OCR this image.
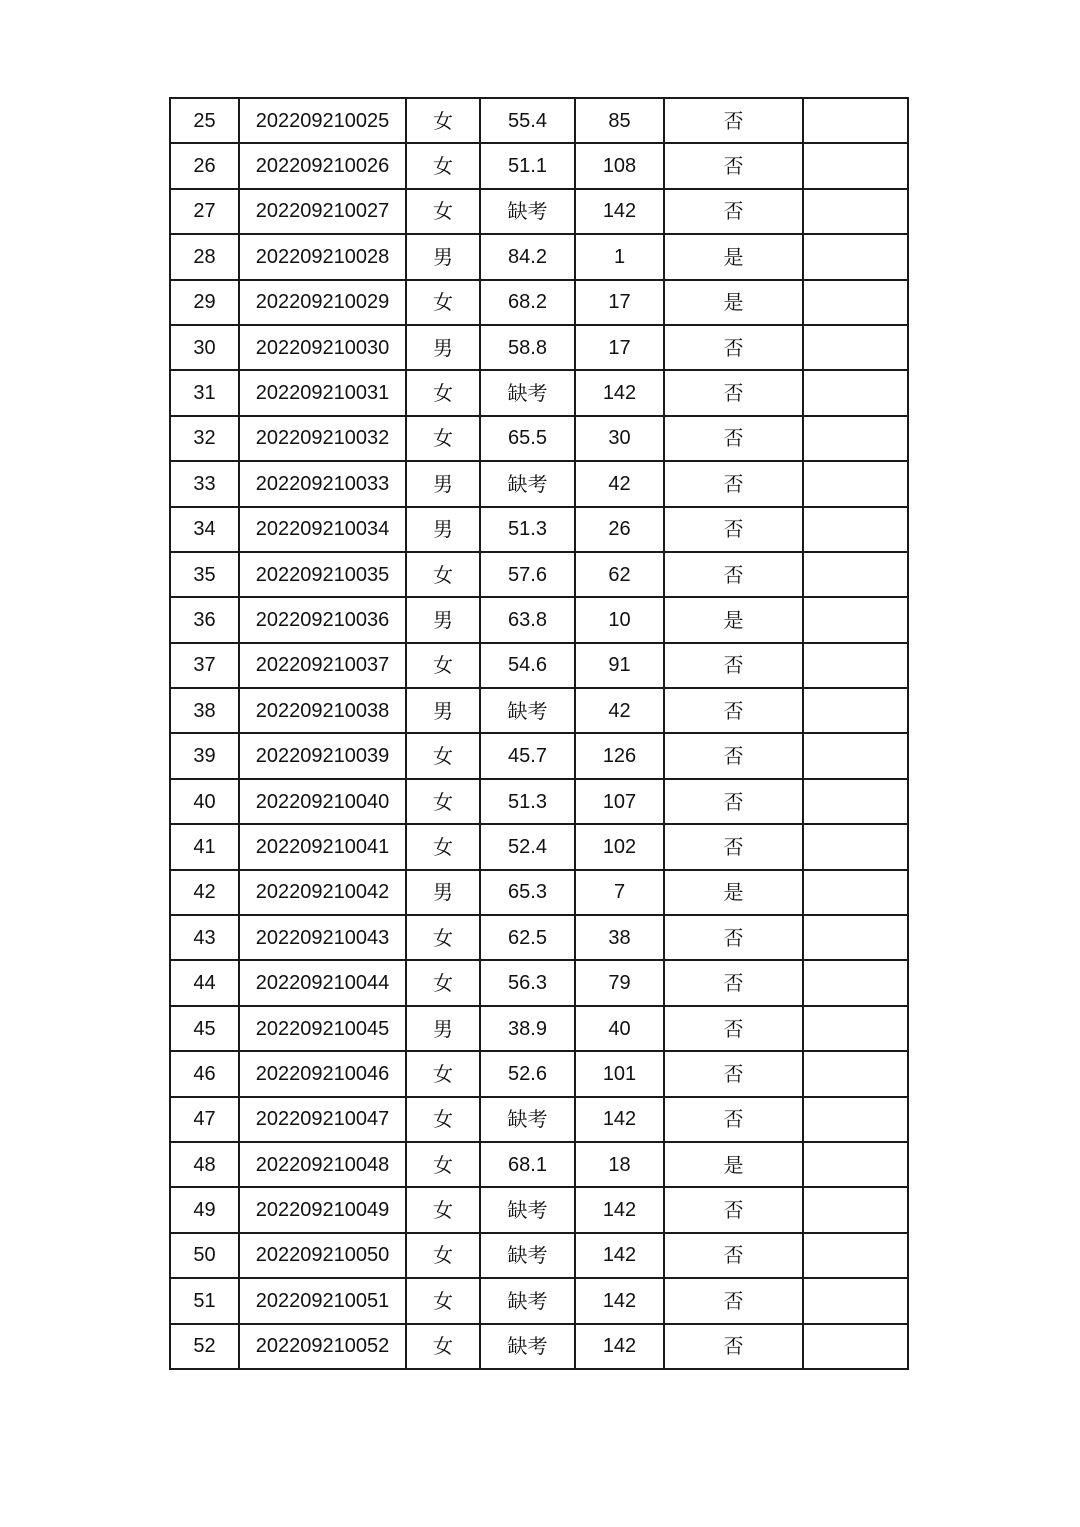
25	202209210025	女	55.4	85	否	
26	202209210026	女	51.1	108	否	
27	202209210027	女	缺考	142	否	
28	202209210028	男	84.2	1	是	
29	202209210029	女	68.2	17	是	
30	202209210030	男	58.8	17	否	
31	202209210031	女	缺考	142	否	
32	202209210032	女	65.5	30	否	
33	202209210033	男	缺考	42	否	
34	202209210034	男	51.3	26	否	
35	202209210035	女	57.6	62	否	
36	202209210036	男	63.8	10	是	
37	202209210037	女	54.6	91	否	
38	202209210038	男	缺考	42	否	
39	202209210039	女	45.7	126	否	
40	202209210040	女	51.3	107	否	
41	202209210041	女	52.4	102	否	
42	202209210042	男	65.3	7	是	
43	202209210043	女	62.5	38	否	
44	202209210044	女	56.3	79	否	
45	202209210045	男	38.9	40	否	
46	202209210046	女	52.6	101	否	
47	202209210047	女	缺考	142	否	
48	202209210048	女	68.1	18	是	
49	202209210049	女	缺考	142	否	
50	202209210050	女	缺考	142	否	
51	202209210051	女	缺考	142	否	
52	202209210052	女	缺考	142	否	
